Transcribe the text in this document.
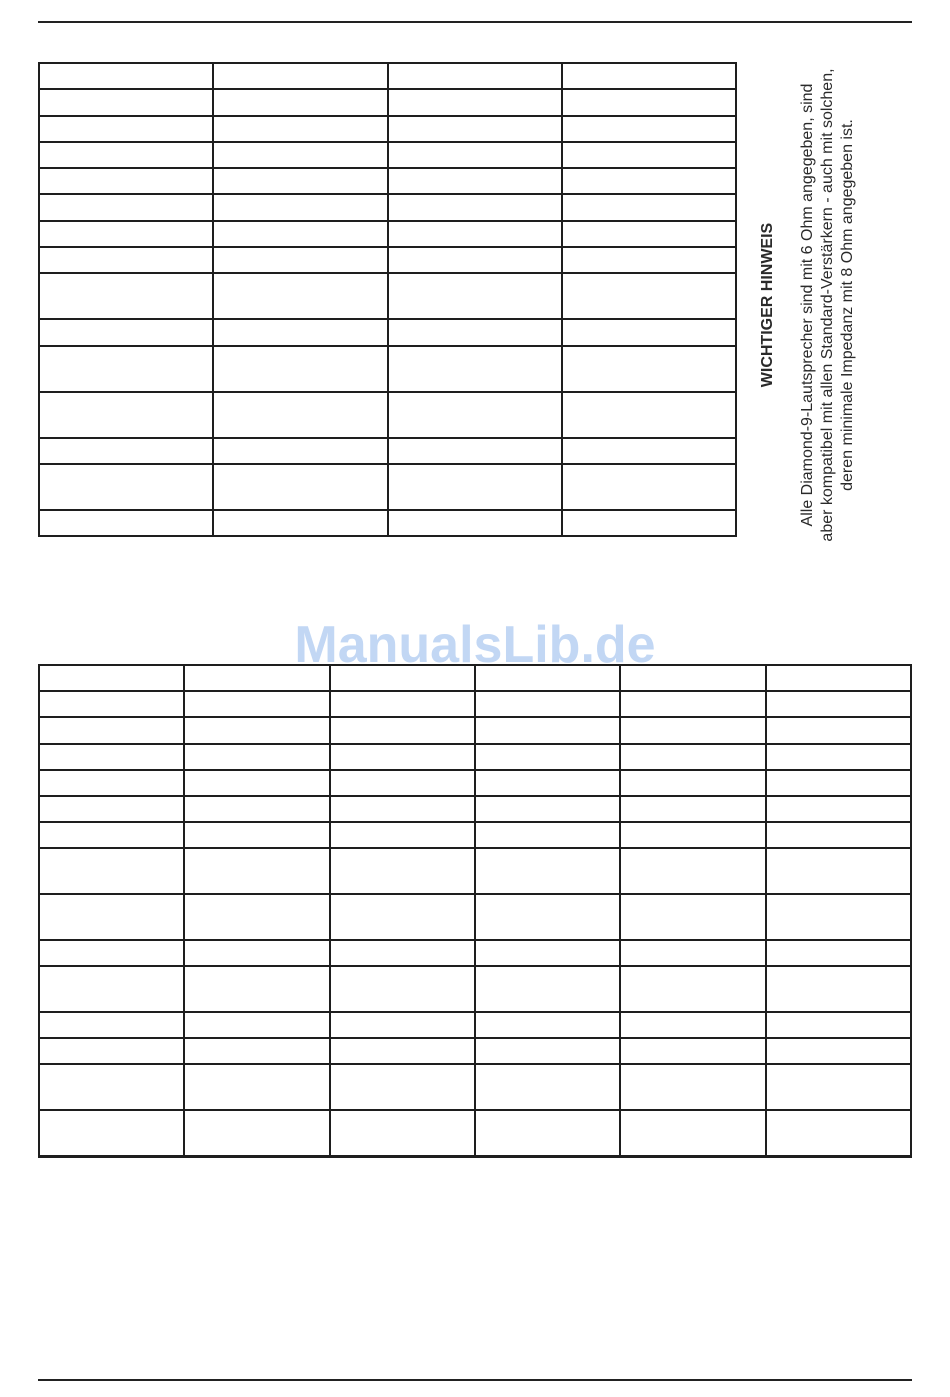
WICHTIGER HINWEIS Alle Diamond-9-Lautsprecher sind mit 6 Ohm angegeben, sind aber kompatibel mit allen Standard-Verstärkern - auch mit solchen, deren minimale Impedanz mit 8 Ohm angegeben ist.

ManualsLib.de
